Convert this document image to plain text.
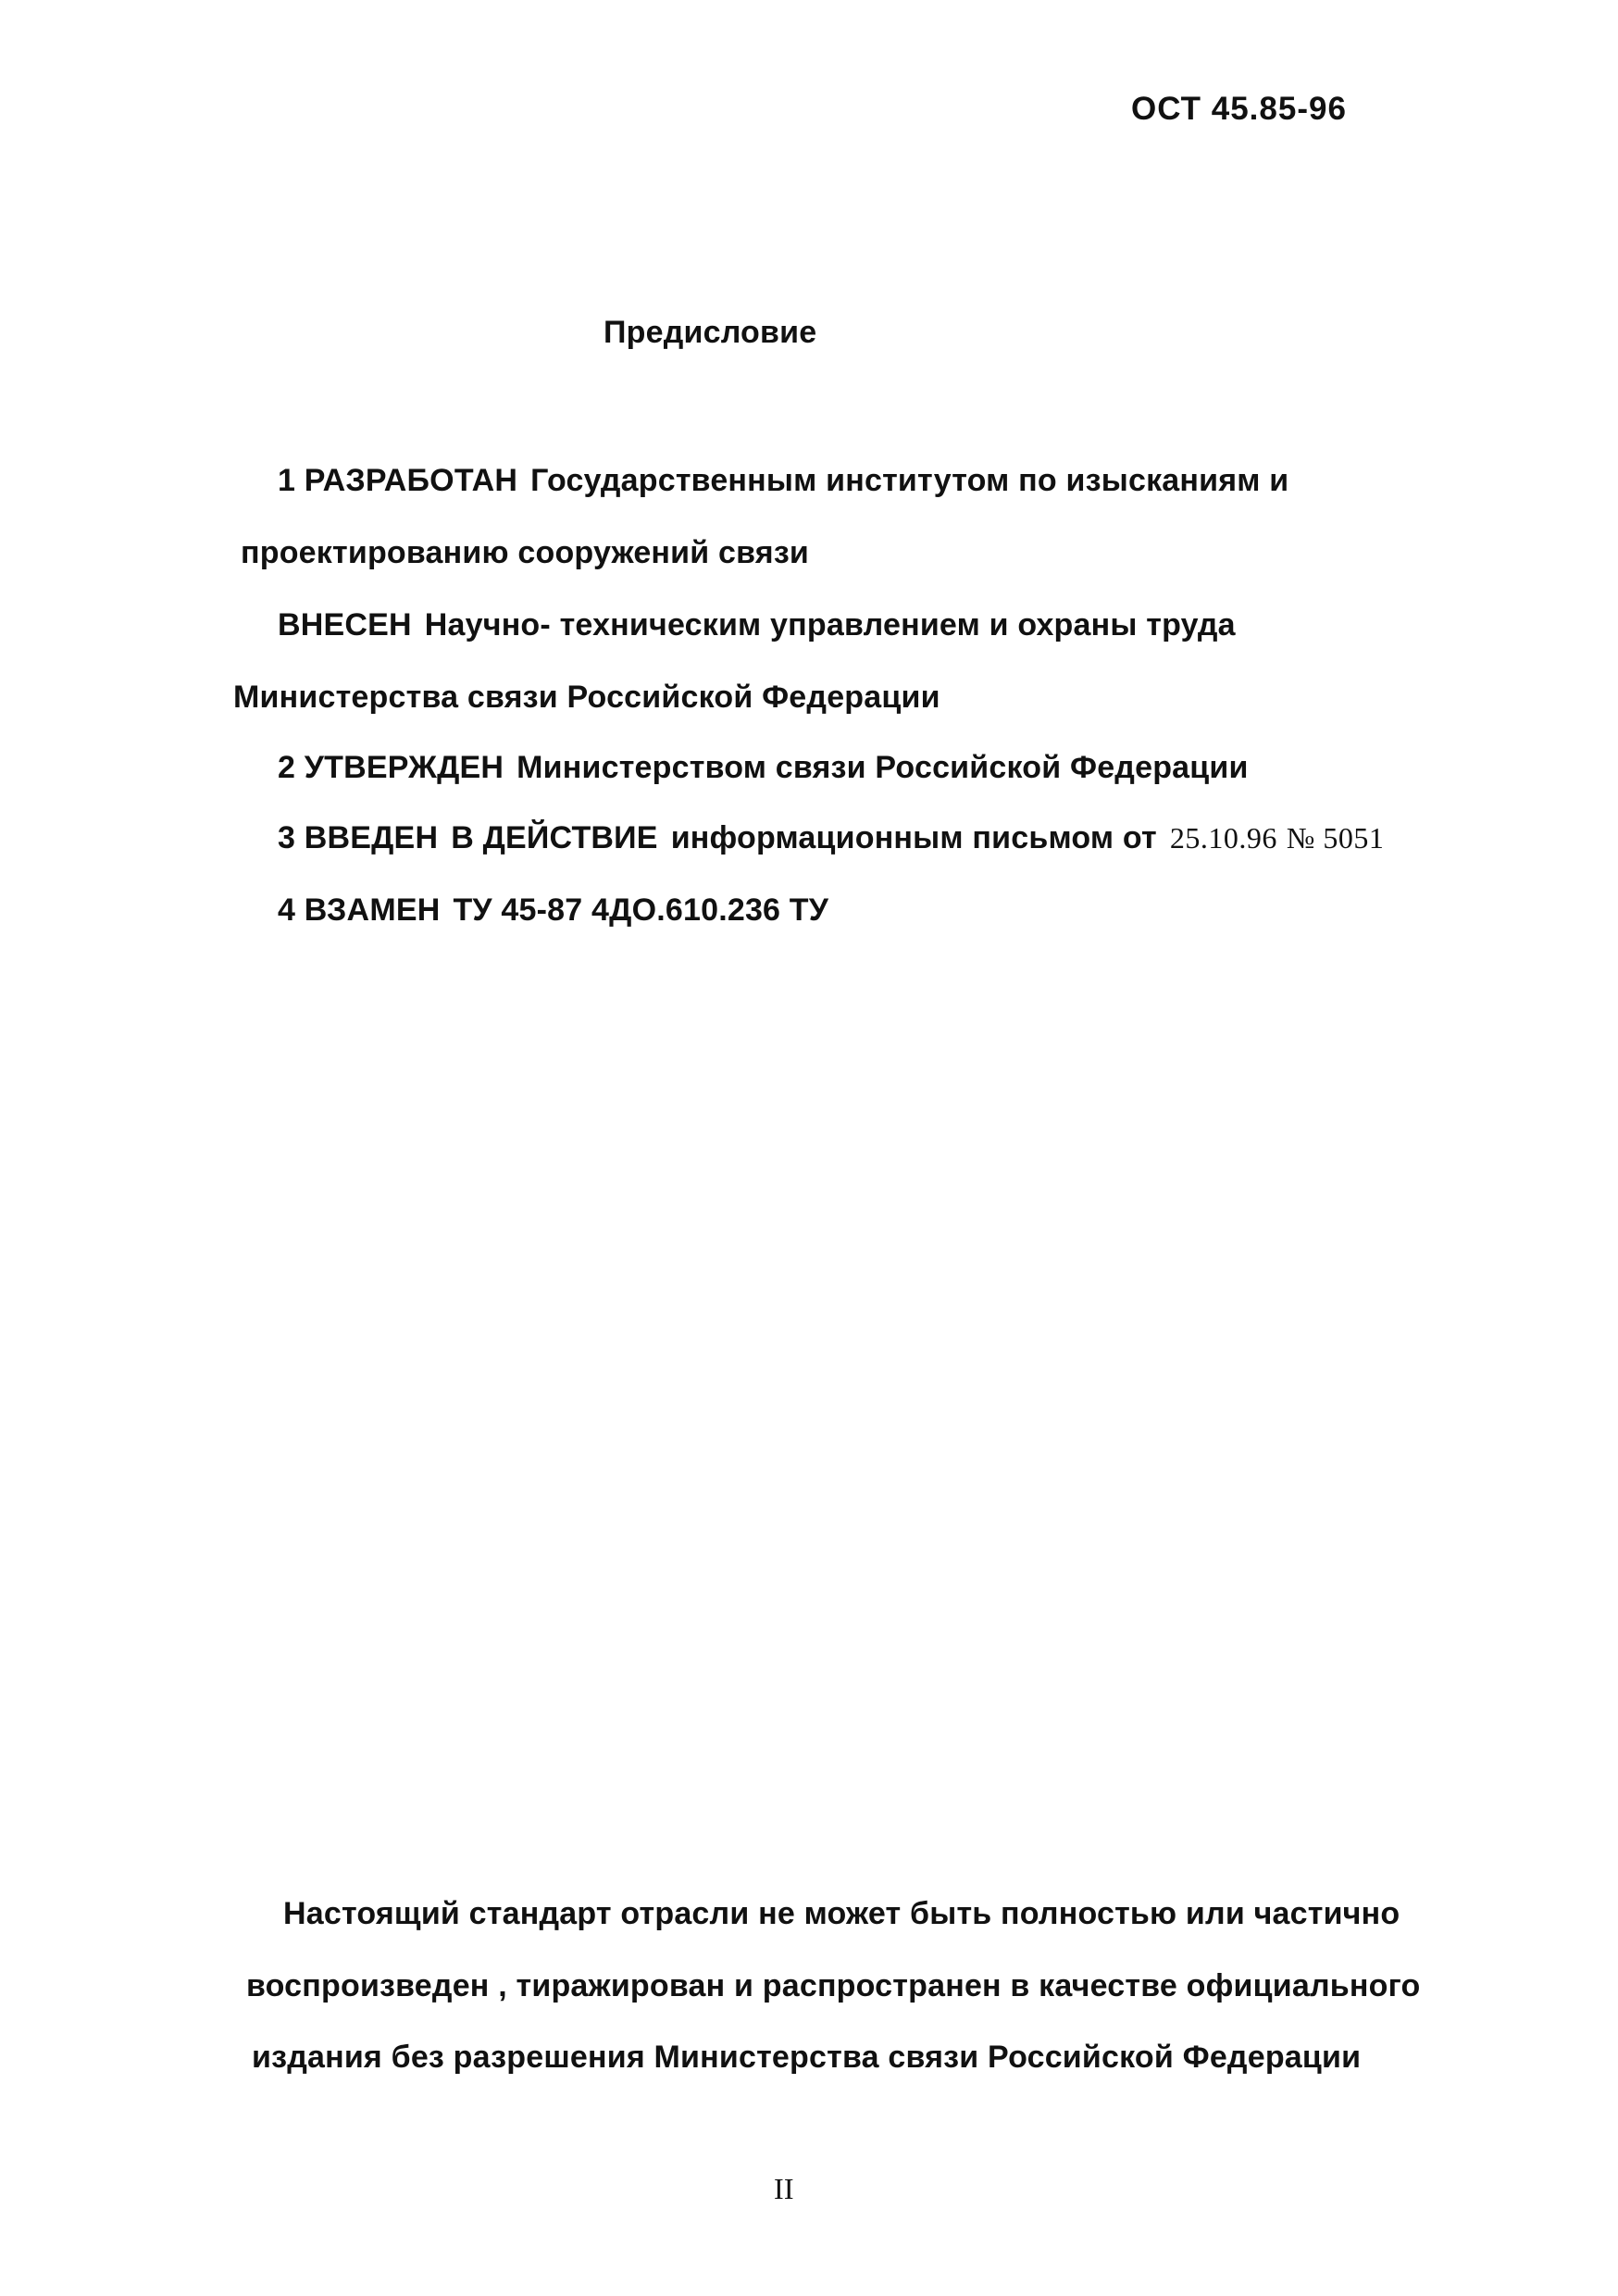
ОСТ 45.85-96
Предисловие
1 РАЗРАБОТАН Государственным институтом по изысканиям и
проектированию сооружений связи
ВНЕСЕН Научно- техническим управлением и охраны труда
Министерства связи Российской Федерации
2 УТВЕРЖДЕН Министерством связи Российской Федерации
3 ВВЕДЕН В ДЕЙСТВИЕ информационным письмом от 25.10.96 № 5051
4 ВЗАМЕН ТУ 45-87 4ДО.610.236 ТУ
Настоящий стандарт отрасли не может быть полностью или частично
воспроизведен , тиражирован и распространен в качестве официального
издания без разрешения Министерства связи Российской Федерации
II
